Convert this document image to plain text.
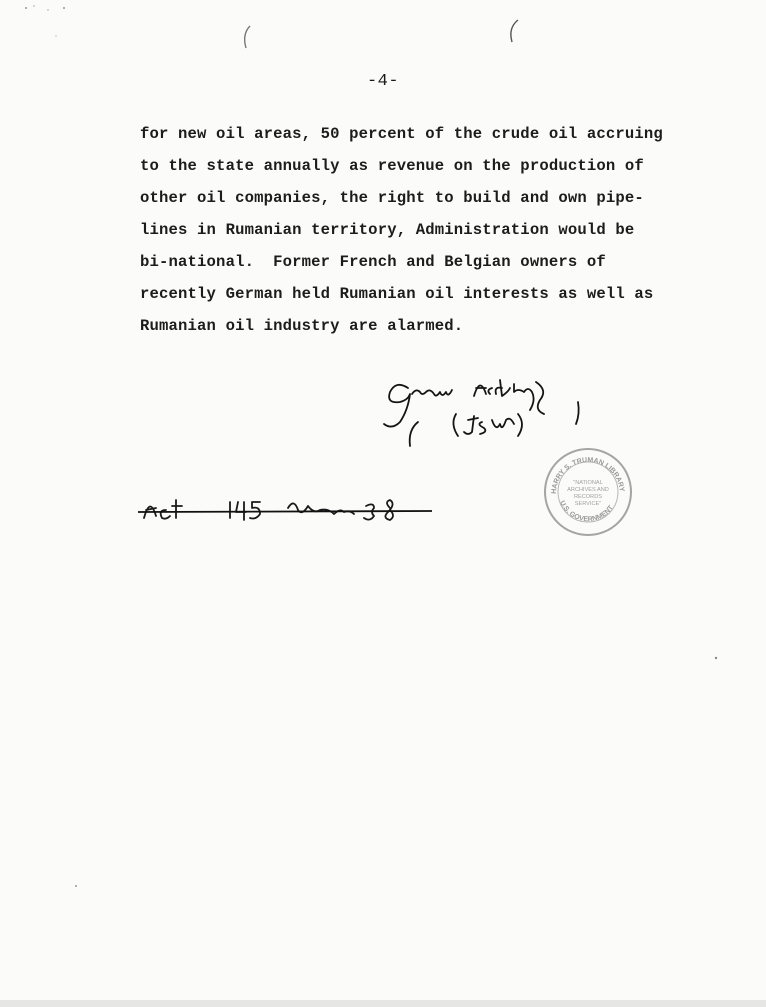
-4-
for new oil areas, 50 percent of the crude oil accruing
to the state annually as revenue on the production of
other oil companies, the right to build and own pipe-
lines in Rumanian territory, Administration would be
bi-national.  Former French and Belgian owners of
recently German held Rumanian oil interests as well as
Rumanian oil industry are alarmed.
HARRY S. TRUMAN LIBRARY
U.S. GOVERNMENT
"NATIONAL
ARCHIVES AND
RECORDS
SERVICE"
